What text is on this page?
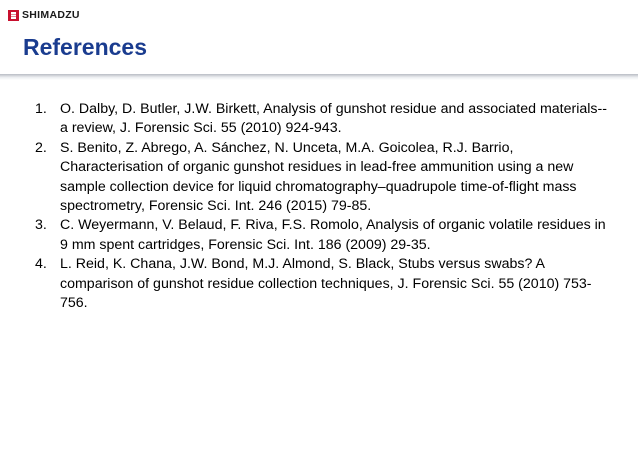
SHIMADZU
References
1. O. Dalby, D. Butler, J.W. Birkett, Analysis of gunshot residue and associated materials--a review, J. Forensic Sci. 55 (2010) 924-943.
2. S. Benito, Z. Abrego, A. Sánchez, N. Unceta, M.A. Goicolea, R.J. Barrio, Characterisation of organic gunshot residues in lead-free ammunition using a new sample collection device for liquid chromatography–quadrupole time-of-flight mass spectrometry, Forensic Sci. Int. 246 (2015) 79-85.
3. C. Weyermann, V. Belaud, F. Riva, F.S. Romolo, Analysis of organic volatile residues in 9 mm spent cartridges, Forensic Sci. Int. 186 (2009) 29-35.
4. L. Reid, K. Chana, J.W. Bond, M.J. Almond, S. Black, Stubs versus swabs? A comparison of gunshot residue collection techniques, J. Forensic Sci. 55 (2010) 753-756.
